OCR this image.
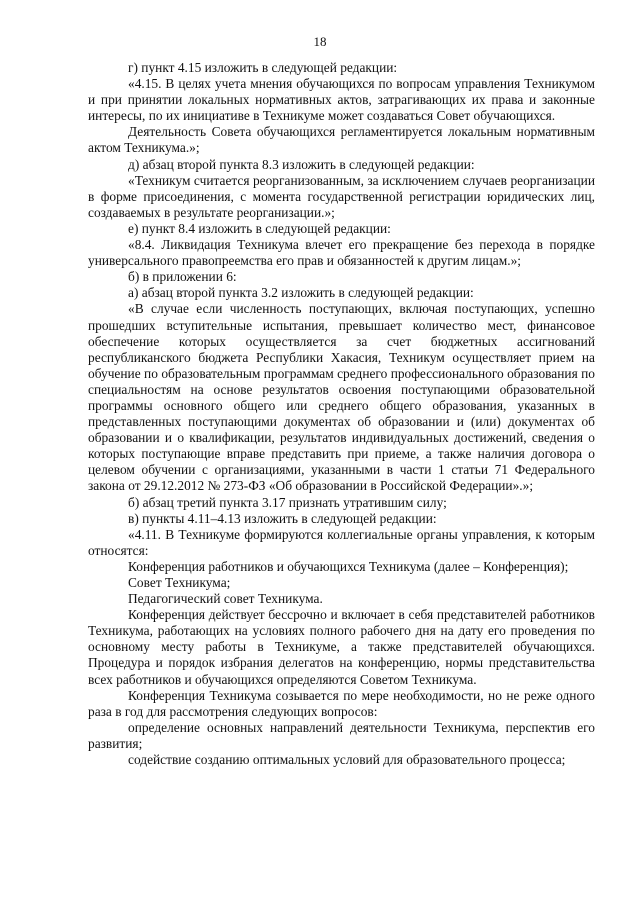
18

г) пункт 4.15 изложить в следующей редакции:

«4.15. В целях учета мнения обучающихся по вопросам управления Техникумом и при принятии локальных нормативных актов, затрагивающих их права и законные интересы, по их инициативе в Техникуме может создаваться Совет обучающихся.

Деятельность Совета обучающихся регламентируется локальным нормативным актом Техникума.»;

д) абзац второй пункта 8.3 изложить в следующей редакции:

«Техникум считается реорганизованным, за исключением случаев реорганизации в форме присоединения, с момента государственной регистрации юридических лиц, создаваемых в результате реорганизации.»;

е) пункт 8.4 изложить в следующей редакции:

«8.4. Ликвидация Техникума влечет его прекращение без перехода в порядке универсального правопреемства его прав и обязанностей к другим лицам.»;

б) в приложении 6:

а) абзац второй пункта 3.2 изложить в следующей редакции:

«В случае если численность поступающих, включая поступающих, успешно прошедших вступительные испытания, превышает количество мест, финансовое обеспечение которых осуществляется за счет бюджетных ассигнований республиканского бюджета Республики Хакасия, Техникум осуществляет прием на обучение по образовательным программам среднего профессионального образования по специальностям на основе результатов освоения поступающими образовательной программы основного общего или среднего общего образования, указанных в представленных поступающими документах об образовании и (или) документах об образовании и о квалификации, результатов индивидуальных достижений, сведения о которых поступающие вправе представить при приеме, а также наличия договора о целевом обучении с организациями, указанными в части 1 статьи 71 Федерального закона от 29.12.2012 № 273-ФЗ «Об образовании в Российской Федерации».»;

б) абзац третий пункта 3.17 признать утратившим силу;

в) пункты 4.11–4.13 изложить в следующей редакции:

«4.11. В Техникуме формируются коллегиальные органы управления, к которым относятся:

Конференция работников и обучающихся Техникума (далее – Конференция);

Совет Техникума;

Педагогический совет Техникума.

Конференция действует бессрочно и включает в себя представителей работников Техникума, работающих на условиях полного рабочего дня на дату его проведения по основному месту работы в Техникуме, а также представителей обучающихся. Процедура и порядок избрания делегатов на конференцию, нормы представительства всех работников и обучающихся определяются Советом Техникума.

Конференция Техникума созывается по мере необходимости, но не реже одного раза в год для рассмотрения следующих вопросов:

определение основных направлений деятельности Техникума, перспектив его развития;

содействие созданию оптимальных условий для образовательного процесса;
